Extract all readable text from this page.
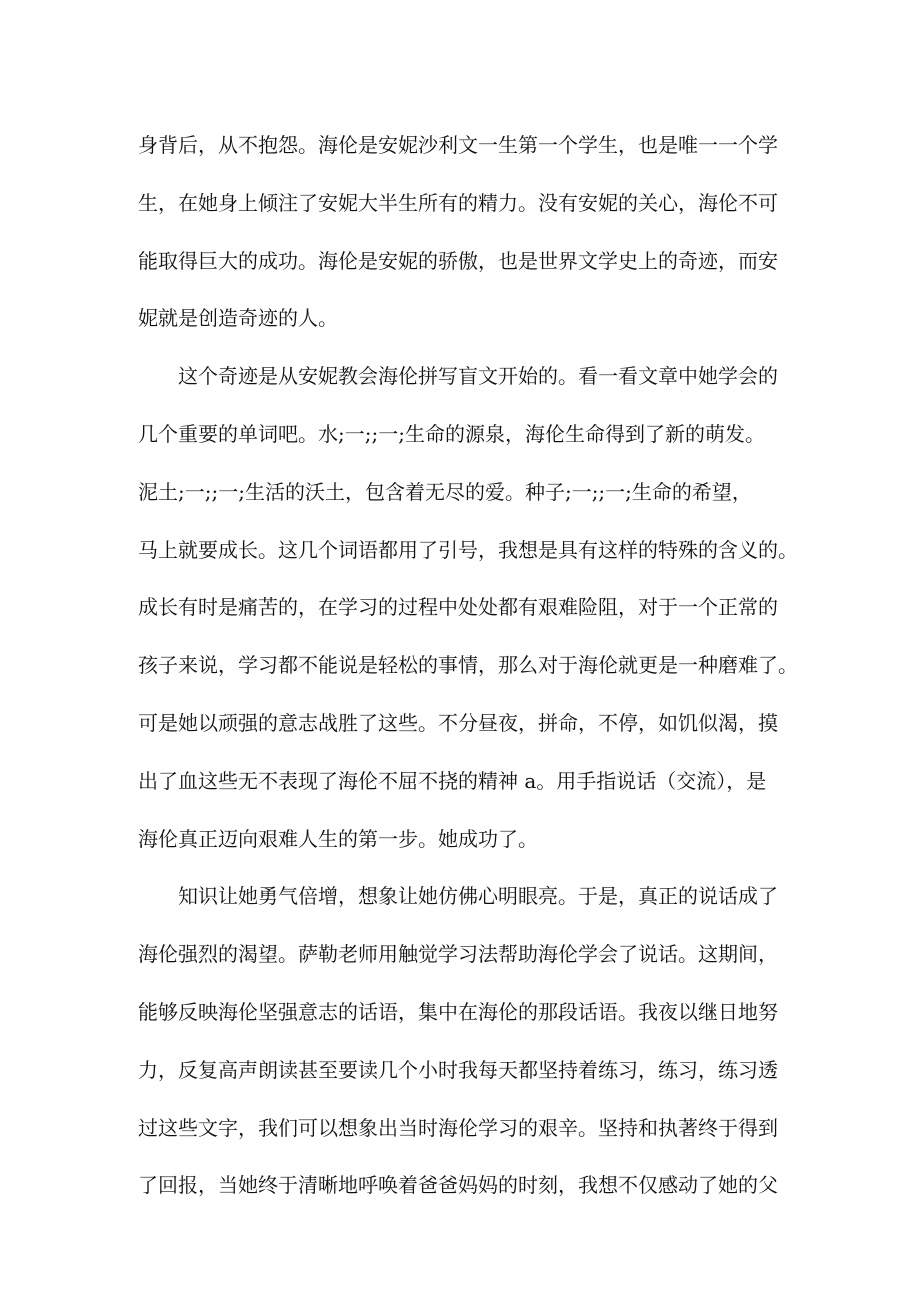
身背后，从不抱怨。海伦是安妮沙利文一生第一个学生，也是唯一一个学
生，在她身上倾注了安妮大半生所有的精力。没有安妮的关心，海伦不可
能取得巨大的成功。海伦是安妮的骄傲，也是世界文学史上的奇迹，而安
妮就是创造奇迹的人。
这个奇迹是从安妮教会海伦拼写盲文开始的。看一看文章中她学会的
几个重要的单词吧。水;一;;一;生命的源泉，海伦生命得到了新的萌发。
泥土;一;;一;生活的沃土，包含着无尽的爱。种子;一;;一;生命的希望，
马上就要成长。这几个词语都用了引号，我想是具有这样的特殊的含义的。
成长有时是痛苦的，在学习的过程中处处都有艰难险阻，对于一个正常的
孩子来说，学习都不能说是轻松的事情，那么对于海伦就更是一种磨难了。
可是她以顽强的意志战胜了这些。不分昼夜，拼命，不停，如饥似渴，摸
出了血这些无不表现了海伦不屈不挠的精神 a。用手指说话（交流），是
海伦真正迈向艰难人生的第一步。她成功了。
知识让她勇气倍增，想象让她仿佛心明眼亮。于是，真正的说话成了
海伦强烈的渴望。萨勒老师用触觉学习法帮助海伦学会了说话。这期间，
能够反映海伦坚强意志的话语，集中在海伦的那段话语。我夜以继日地努
力，反复高声朗读甚至要读几个小时我每天都坚持着练习，练习，练习透
过这些文字，我们可以想象出当时海伦学习的艰辛。坚持和执著终于得到
了回报，当她终于清晰地呼唤着爸爸妈妈的时刻，我想不仅感动了她的父
